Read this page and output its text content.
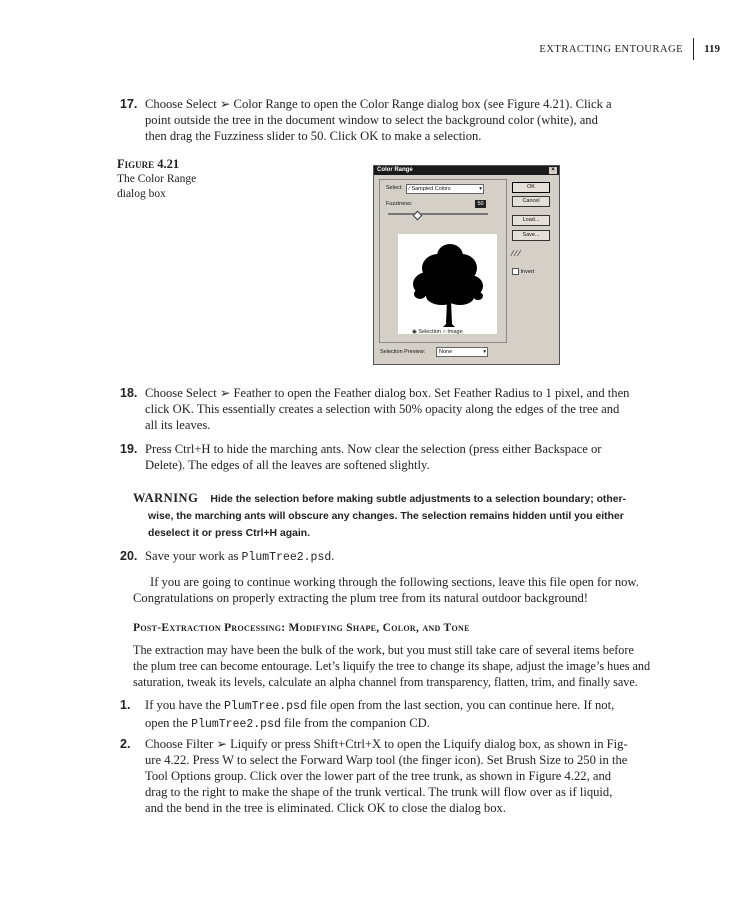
EXTRACTING ENTOURAGE	119
17. Choose Select ➢ Color Range to open the Color Range dialog box (see Figure 4.21). Click a
point outside the tree in the document window to select the background color (white), and
then drag the Fuzziness slider to 50. Click OK to make a selection.
Figure 4.21
The Color Range
dialog box
Color Range	×
Select:	⁄ Sampled Colors	▾
Fuzziness:	50
◉ Selection ○ Image
OK
Cancel
Load...
Save...
⁄⁄⁄
Invert
Selection Preview:	None	▾
18. Choose Select ➢ Feather to open the Feather dialog box. Set Feather Radius to 1 pixel, and then
click OK. This essentially creates a selection with 50% opacity along the edges of the tree and
all its leaves.
19. Press Ctrl+H to hide the marching ants. Now clear the selection (press either Backspace or
Delete). The edges of all the leaves are softened slightly.
WARNING Hide the selection before making subtle adjustments to a selection boundary; other-
wise, the marching ants will obscure any changes. The selection remains hidden until you either
deselect it or press Ctrl+H again.
20. Save your work as PlumTree2.psd.
If you are going to continue working through the following sections, leave this file open for now.
Congratulations on properly extracting the plum tree from its natural outdoor background!
Post-Extraction Processing: Modifying Shape, Color, and Tone
The extraction may have been the bulk of the work, but you must still take care of several items before
the plum tree can become entourage. Let’s liquify the tree to change its shape, adjust the image’s hues and
saturation, tweak its levels, calculate an alpha channel from transparency, flatten, trim, and finally save.
1. If you have the PlumTree.psd file open from the last section, you can continue here. If not,
open the PlumTree2.psd file from the companion CD.
2. Choose Filter ➢ Liquify or press Shift+Ctrl+X to open the Liquify dialog box, as shown in Fig-
ure 4.22. Press W to select the Forward Warp tool (the finger icon). Set Brush Size to 250 in the
Tool Options group. Click over the lower part of the tree trunk, as shown in Figure 4.22, and
drag to the right to make the shape of the trunk vertical. The trunk will flow over as if liquid,
and the bend in the tree is eliminated. Click OK to close the dialog box.
